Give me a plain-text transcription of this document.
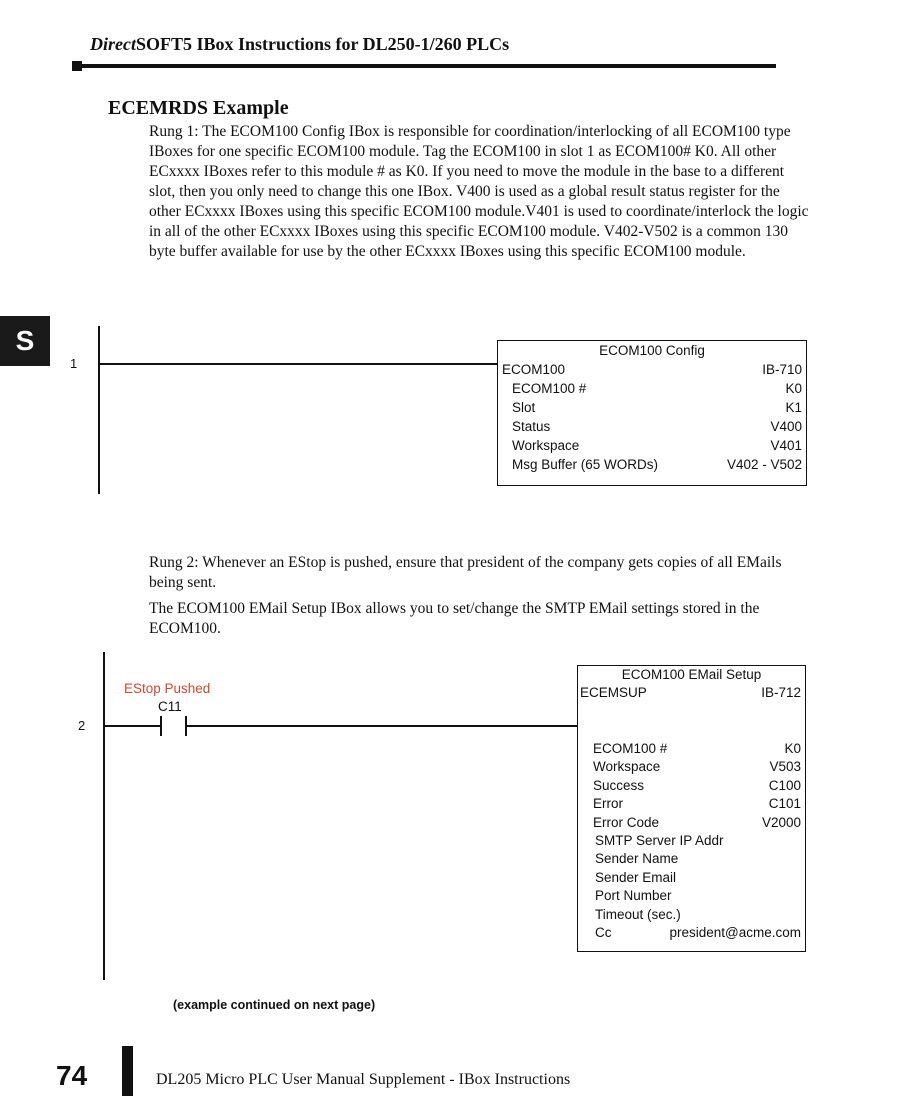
DirectSOFT5 IBox Instructions for DL250-1/260 PLCs
S
ECEMRDS Example
Rung 1: The ECOM100 Config IBox is responsible for coordination/interlocking of all ECOM100 type IBoxes for one specific ECOM100 module. Tag the ECOM100 in slot 1 as ECOM100# K0. All other ECxxxx IBoxes refer to this module # as K0. If you need to move the module in the base to a different slot, then you only need to change this one IBox. V400 is used as a global result status register for the other ECxxxx IBoxes using this specific ECOM100 module.V401 is used to coordinate/interlock the logic in all of the other ECxxxx IBoxes using this specific ECOM100 module. V402-V502 is a common 130 byte buffer available for use by the other ECxxxx IBoxes using this specific ECOM100 module.
1
ECOM100 Config
ECOM100	IB-710
ECOM100 #	K0
Slot	K1
Status	V400
Workspace	V401
Msg Buffer (65 WORDs)	V402 - V502
Rung 2: Whenever an EStop is pushed, ensure that president of the company gets copies of all EMails being sent.
The ECOM100 EMail Setup IBox allows you to set/change the SMTP EMail settings stored in the ECOM100.
2
EStop Pushed
C11
ECOM100 EMail Setup
ECEMSUP	IB-712
ECOM100 #	K0
Workspace	V503
Success	C100
Error	C101
Error Code	V2000
SMTP Server IP Addr
Sender Name
Sender Email
Port Number
Timeout (sec.)
Cc	president@acme.com
(example continued on next page)
74	DL205 Micro PLC User Manual Supplement - IBox Instructions
